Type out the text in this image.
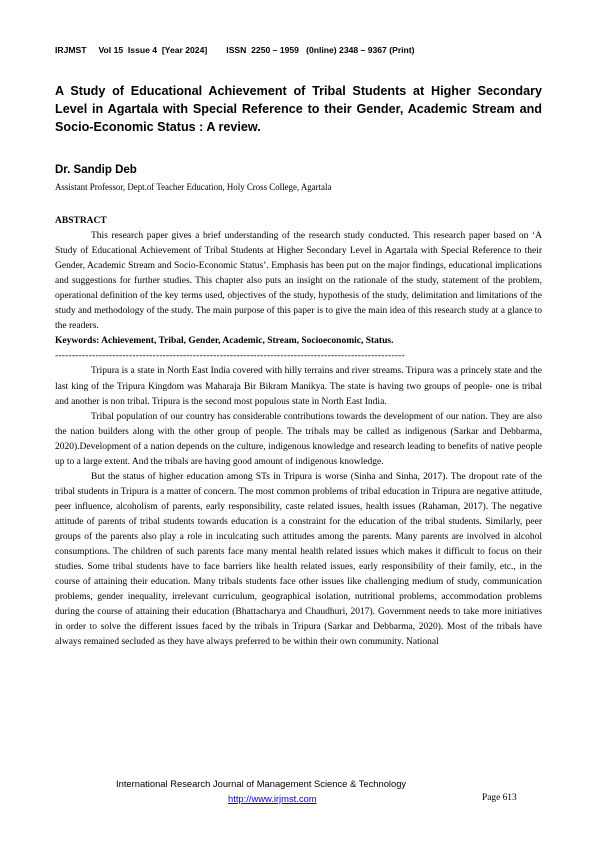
IRJMST     Vol 15  Issue 4  [Year 2024]        ISSN  2250 – 1959   (0nline) 2348 – 9367 (Print)
A Study of Educational Achievement of Tribal Students at Higher Secondary Level in Agartala with Special Reference to their Gender, Academic Stream and Socio-Economic Status : A review.
Dr. Sandip Deb
Assistant Professor, Dept.of Teacher Education, Holy Cross College, Agartala

ABSTRACT

This research paper gives a brief understanding of the research study conducted. This research paper based on ‘A Study of Educational Achievement of Tribal Students at Higher Secondary Level in Agartala with Special Reference to their Gender, Academic Stream and Socio-Economic Status’. Emphasis has been put on the major findings, educational implications and suggestions for further studies. This chapter also puts an insight on the rationale of the study, statement of the problem, operational definition of the key terms used, objectives of the study, hypothesis of the study, delimitation and limitations of the study and methodology of the study. The main purpose of this paper is to give the main idea of this research study at a glance to the readers.

Keywords: Achievement, Tribal, Gender, Academic, Stream, Socioeconomic, Status.

--------------------------------------------------------------------------------------------------------

Tripura is a state in North East India covered with hilly terrains and river streams. Tripura was a princely state and the last king of the Tripura Kingdom was Maharaja Bir Bikram Manikya. The state is having two groups of people- one is tribal and another is non tribal. Tripura is the second most populous state in North East India.

Tribal population of our country has considerable contributions towards the development of our nation. They are also the nation builders along with the other group of people. The tribals may be called as indigenous (Sarkar and Debbarma, 2020).Development of a nation depends on the culture, indigenous knowledge and research leading to benefits of native people up to a large extent. And the tribals are having good amount of indigenous knowledge.

But the status of higher education among STs in Tripura is worse (Sinha and Sinha, 2017). The dropout rate of the tribal students in Tripura is a matter of concern. The most common problems of tribal education in Tripura are negative attitude, peer influence, alcoholism of parents, early responsibility, caste related issues, health issues (Rahaman, 2017). The negative attitude of parents of tribal students towards education is a constraint for the education of the tribal students. Similarly, peer groups of the parents also play a role in inculcating such attitudes among the parents. Many parents are involved in alcohol consumptions. The children of such parents face many mental health related issues which makes it difficult to focus on their studies. Some tribal students have to face barriers like health related issues, early responsibility of their family, etc., in the course of attaining their education. Many tribals students face other issues like challenging medium of study, communication problems, gender inequality, irrelevant curriculum, geographical isolation, nutritional problems, accommodation problems during the course of attaining their education (Bhattacharya and Chaudhuri, 2017). Government needs to take more initiatives in order to solve the different issues faced by the tribals in Tripura (Sarkar and Debbarma, 2020). Most of the tribals have always remained secluded as they have always preferred to be within their own community. National

International Research Journal of Management Science & Technology
http://www.irjmst.com	Page 613
